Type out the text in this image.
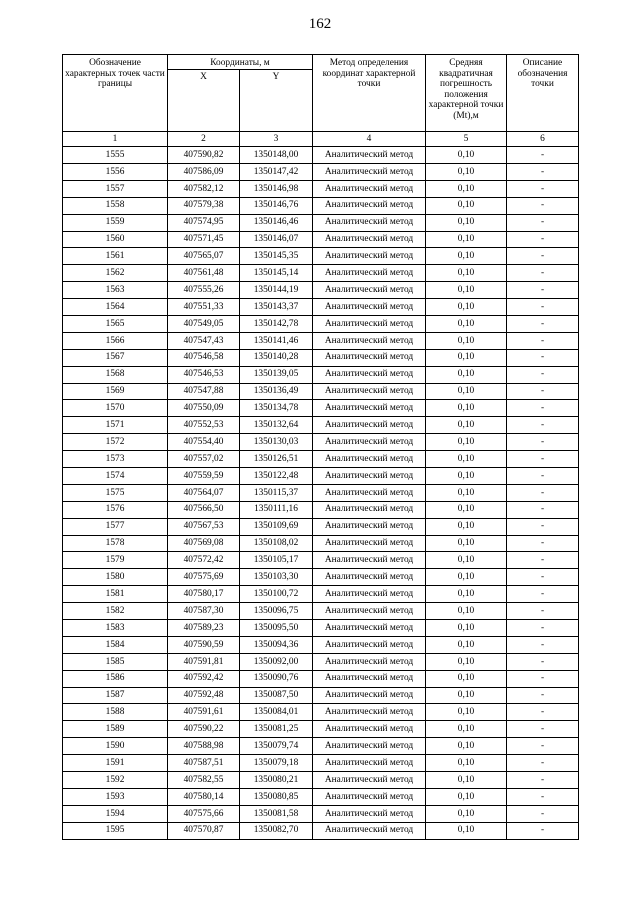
162
Обозначение характерных точек части границы	Координаты, м		Метод определения координат характерной точки	Средняя квадратичная погрешность положения характерной точки (Mt),м	Описание обозначения точки
	X	Y			
1	2	3	4	5	6
1555	407590,82	1350148,00	Аналитический метод	0,10	-
1556	407586,09	1350147,42	Аналитический метод	0,10	-
1557	407582,12	1350146,98	Аналитический метод	0,10	-
1558	407579,38	1350146,76	Аналитический метод	0,10	-
1559	407574,95	1350146,46	Аналитический метод	0,10	-
1560	407571,45	1350146,07	Аналитический метод	0,10	-
1561	407565,07	1350145,35	Аналитический метод	0,10	-
1562	407561,48	1350145,14	Аналитический метод	0,10	-
1563	407555,26	1350144,19	Аналитический метод	0,10	-
1564	407551,33	1350143,37	Аналитический метод	0,10	-
1565	407549,05	1350142,78	Аналитический метод	0,10	-
1566	407547,43	1350141,46	Аналитический метод	0,10	-
1567	407546,58	1350140,28	Аналитический метод	0,10	-
1568	407546,53	1350139,05	Аналитический метод	0,10	-
1569	407547,88	1350136,49	Аналитический метод	0,10	-
1570	407550,09	1350134,78	Аналитический метод	0,10	-
1571	407552,53	1350132,64	Аналитический метод	0,10	-
1572	407554,40	1350130,03	Аналитический метод	0,10	-
1573	407557,02	1350126,51	Аналитический метод	0,10	-
1574	407559,59	1350122,48	Аналитический метод	0,10	-
1575	407564,07	1350115,37	Аналитический метод	0,10	-
1576	407566,50	1350111,16	Аналитический метод	0,10	-
1577	407567,53	1350109,69	Аналитический метод	0,10	-
1578	407569,08	1350108,02	Аналитический метод	0,10	-
1579	407572,42	1350105,17	Аналитический метод	0,10	-
1580	407575,69	1350103,30	Аналитический метод	0,10	-
1581	407580,17	1350100,72	Аналитический метод	0,10	-
1582	407587,30	1350096,75	Аналитический метод	0,10	-
1583	407589,23	1350095,50	Аналитический метод	0,10	-
1584	407590,59	1350094,36	Аналитический метод	0,10	-
1585	407591,81	1350092,00	Аналитический метод	0,10	-
1586	407592,42	1350090,76	Аналитический метод	0,10	-
1587	407592,48	1350087,50	Аналитический метод	0,10	-
1588	407591,61	1350084,01	Аналитический метод	0,10	-
1589	407590,22	1350081,25	Аналитический метод	0,10	-
1590	407588,98	1350079,74	Аналитический метод	0,10	-
1591	407587,51	1350079,18	Аналитический метод	0,10	-
1592	407582,55	1350080,21	Аналитический метод	0,10	-
1593	407580,14	1350080,85	Аналитический метод	0,10	-
1594	407575,66	1350081,58	Аналитический метод	0,10	-
1595	407570,87	1350082,70	Аналитический метод	0,10	-
